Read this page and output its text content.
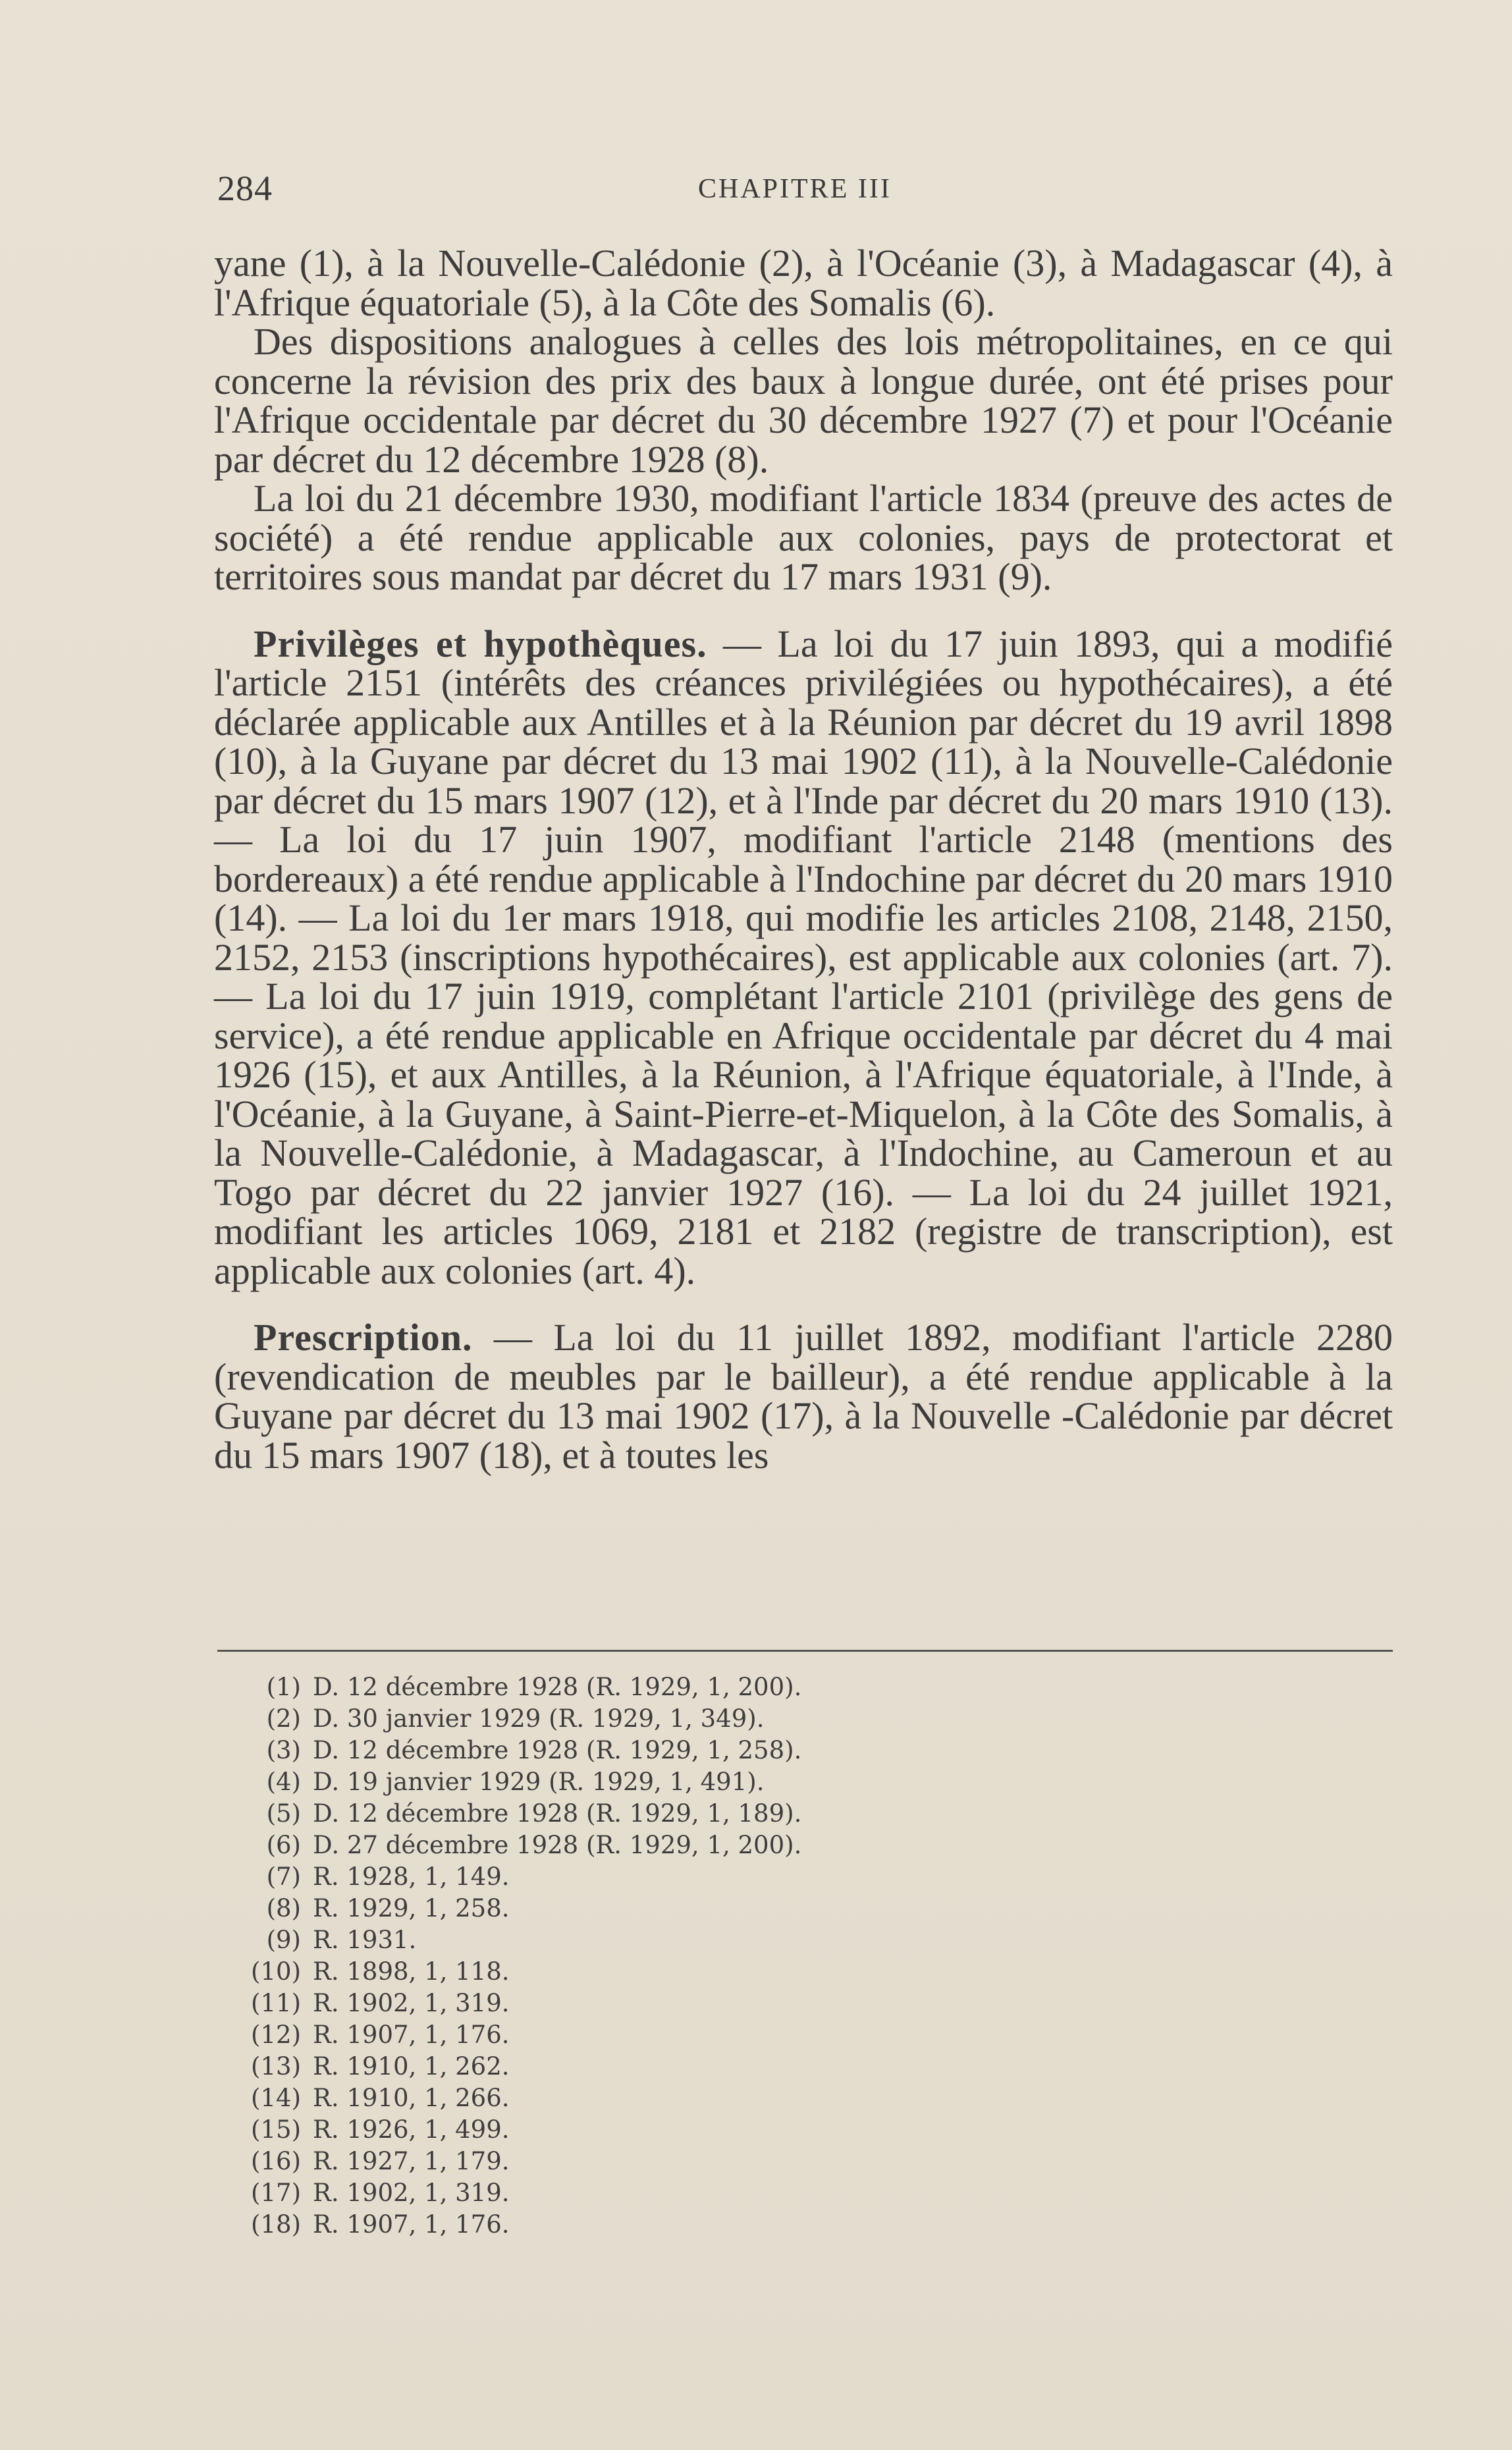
284	CHAPITRE III

yane (1), à la Nouvelle-Calédonie (2), à l'Océanie (3), à Madagascar (4), à l'Afrique équatoriale (5), à la Côte des Somalis (6).

Des dispositions analogues à celles des lois métropolitaines, en ce qui concerne la révision des prix des baux à longue durée, ont été prises pour l'Afrique occidentale par décret du 30 décembre 1927 (7) et pour l'Océanie par décret du 12 décembre 1928 (8).

La loi du 21 décembre 1930, modifiant l'article 1834 (preuve des actes de société) a été rendue applicable aux colonies, pays de protectorat et territoires sous mandat par décret du 17 mars 1931 (9).

Privilèges et hypothèques. — La loi du 17 juin 1893, qui a modifié l'article 2151 (intérêts des créances privilégiées ou hypothécaires), a été déclarée applicable aux Antilles et à la Réunion par décret du 19 avril 1898 (10), à la Guyane par décret du 13 mai 1902 (11), à la Nouvelle-Calédonie par décret du 15 mars 1907 (12), et à l'Inde par décret du 20 mars 1910 (13). — La loi du 17 juin 1907, modifiant l'article 2148 (mentions des bordereaux) a été rendue applicable à l'Indochine par décret du 20 mars 1910 (14). — La loi du 1er mars 1918, qui modifie les articles 2108, 2148, 2150, 2152, 2153 (inscriptions hypothécaires), est applicable aux colonies (art. 7). — La loi du 17 juin 1919, complétant l'article 2101 (privilège des gens de service), a été rendue applicable en Afrique occidentale par décret du 4 mai 1926 (15), et aux Antilles, à la Réunion, à l'Afrique équatoriale, à l'Inde, à l'Océanie, à la Guyane, à Saint-Pierre-et-Miquelon, à la Côte des Somalis, à la Nouvelle-Calédonie, à Madagascar, à l'Indochine, au Cameroun et au Togo par décret du 22 janvier 1927 (16). — La loi du 24 juillet 1921, modifiant les articles 1069, 2181 et 2182 (registre de transcription), est applicable aux colonies (art. 4).

Prescription. — La loi du 11 juillet 1892, modifiant l'article 2280 (revendication de meubles par le bailleur), a été rendue applicable à la Guyane par décret du 13 mai 1902 (17), à la Nouvelle -Calédonie par décret du 15 mars 1907 (18), et à toutes les

(1) D. 12 décembre 1928 (R. 1929, 1, 200).
(2) D. 30 janvier 1929 (R. 1929, 1, 349).
(3) D. 12 décembre 1928 (R. 1929, 1, 258).
(4) D. 19 janvier 1929 (R. 1929, 1, 491).
(5) D. 12 décembre 1928 (R. 1929, 1, 189).
(6) D. 27 décembre 1928 (R. 1929, 1, 200).
(7) R. 1928, 1, 149.
(8) R. 1929, 1, 258.
(9) R. 1931.
(10) R. 1898, 1, 118.
(11) R. 1902, 1, 319.
(12) R. 1907, 1, 176.
(13) R. 1910, 1, 262.
(14) R. 1910, 1, 266.
(15) R. 1926, 1, 499.
(16) R. 1927, 1, 179.
(17) R. 1902, 1, 319.
(18) R. 1907, 1, 176.
